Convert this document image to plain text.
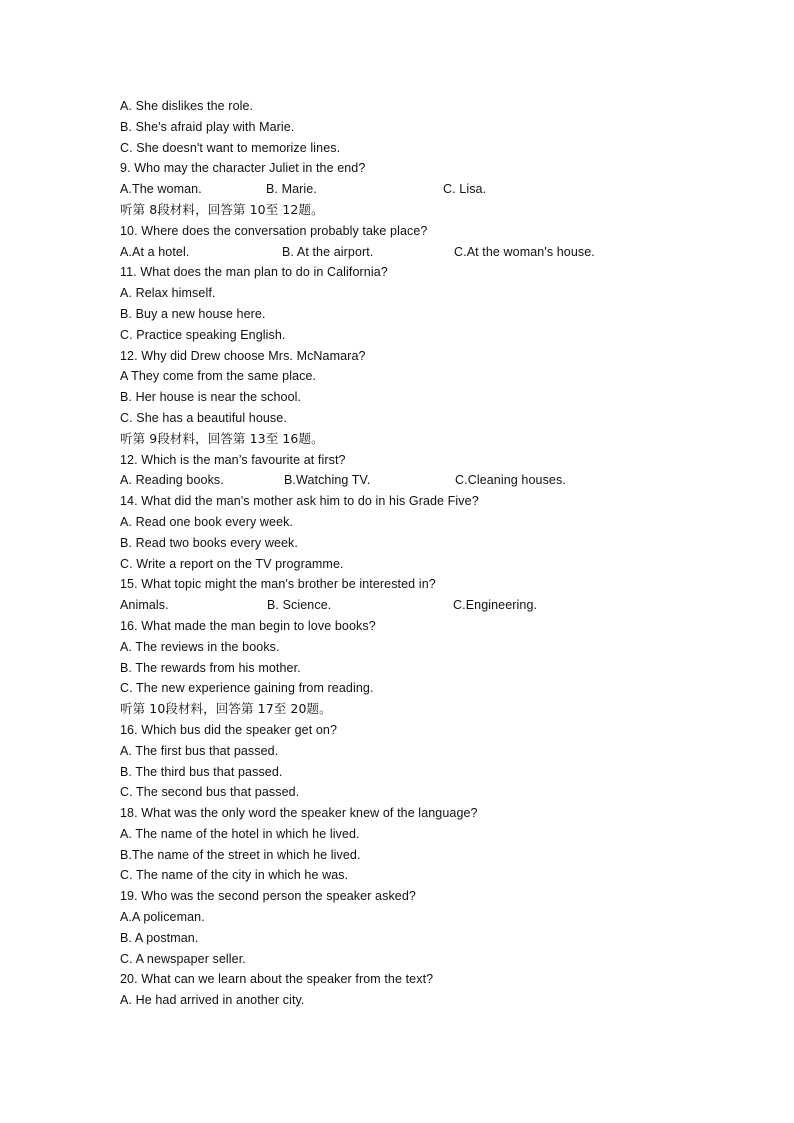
A. She dislikes the role.
B. She's afraid play with Marie.
C. She doesn't want to memorize lines.
9. Who may the character Juliet in the end?
A.The woman.	B. Marie.	C. Lisa.
听第 8段材料，回答第 10至 12题。
10. Where does the conversation probably take place?
A.At a hotel.	B. At the airport.	C.At the woman's house.
11. What does the man plan to do in California?
A. Relax himself.
B. Buy a new house here.
C. Practice speaking English.
12. Why did Drew choose Mrs. McNamara?
A They come from the same place.
B. Her house is near the school.
C. She has a beautiful house.
听第 9段材料，回答第 13至 16题。
12. Which is the man’s favourite at first?
A. Reading books.	B.Watching TV.	C.Cleaning houses.
14. What did the man's mother ask him to do in his Grade Five?
A. Read one book every week.
B. Read two books every week.
C. Write a report on the TV programme.
15. What topic might the man's brother be interested in?
Animals.	B. Science.	C.Engineering.
16. What made the man begin to love books?
A. The reviews in the books.
B. The rewards from his mother.
C. The new experience gaining from reading.
听第 10段材料，回答第 17至 20题。
16. Which bus did the speaker get on?
A. The first bus that passed.
B. The third bus that passed.
C. The second bus that passed.
18. What was the only word the speaker knew of the language?
A. The name of the hotel in which he lived.
B.The name of the street in which he lived.
C. The name of the city in which he was.
19. Who was the second person the speaker asked?
A.A policeman.
B. A postman.
C. A newspaper seller.
20. What can we learn about the speaker from the text?
A. He had arrived in another city.
